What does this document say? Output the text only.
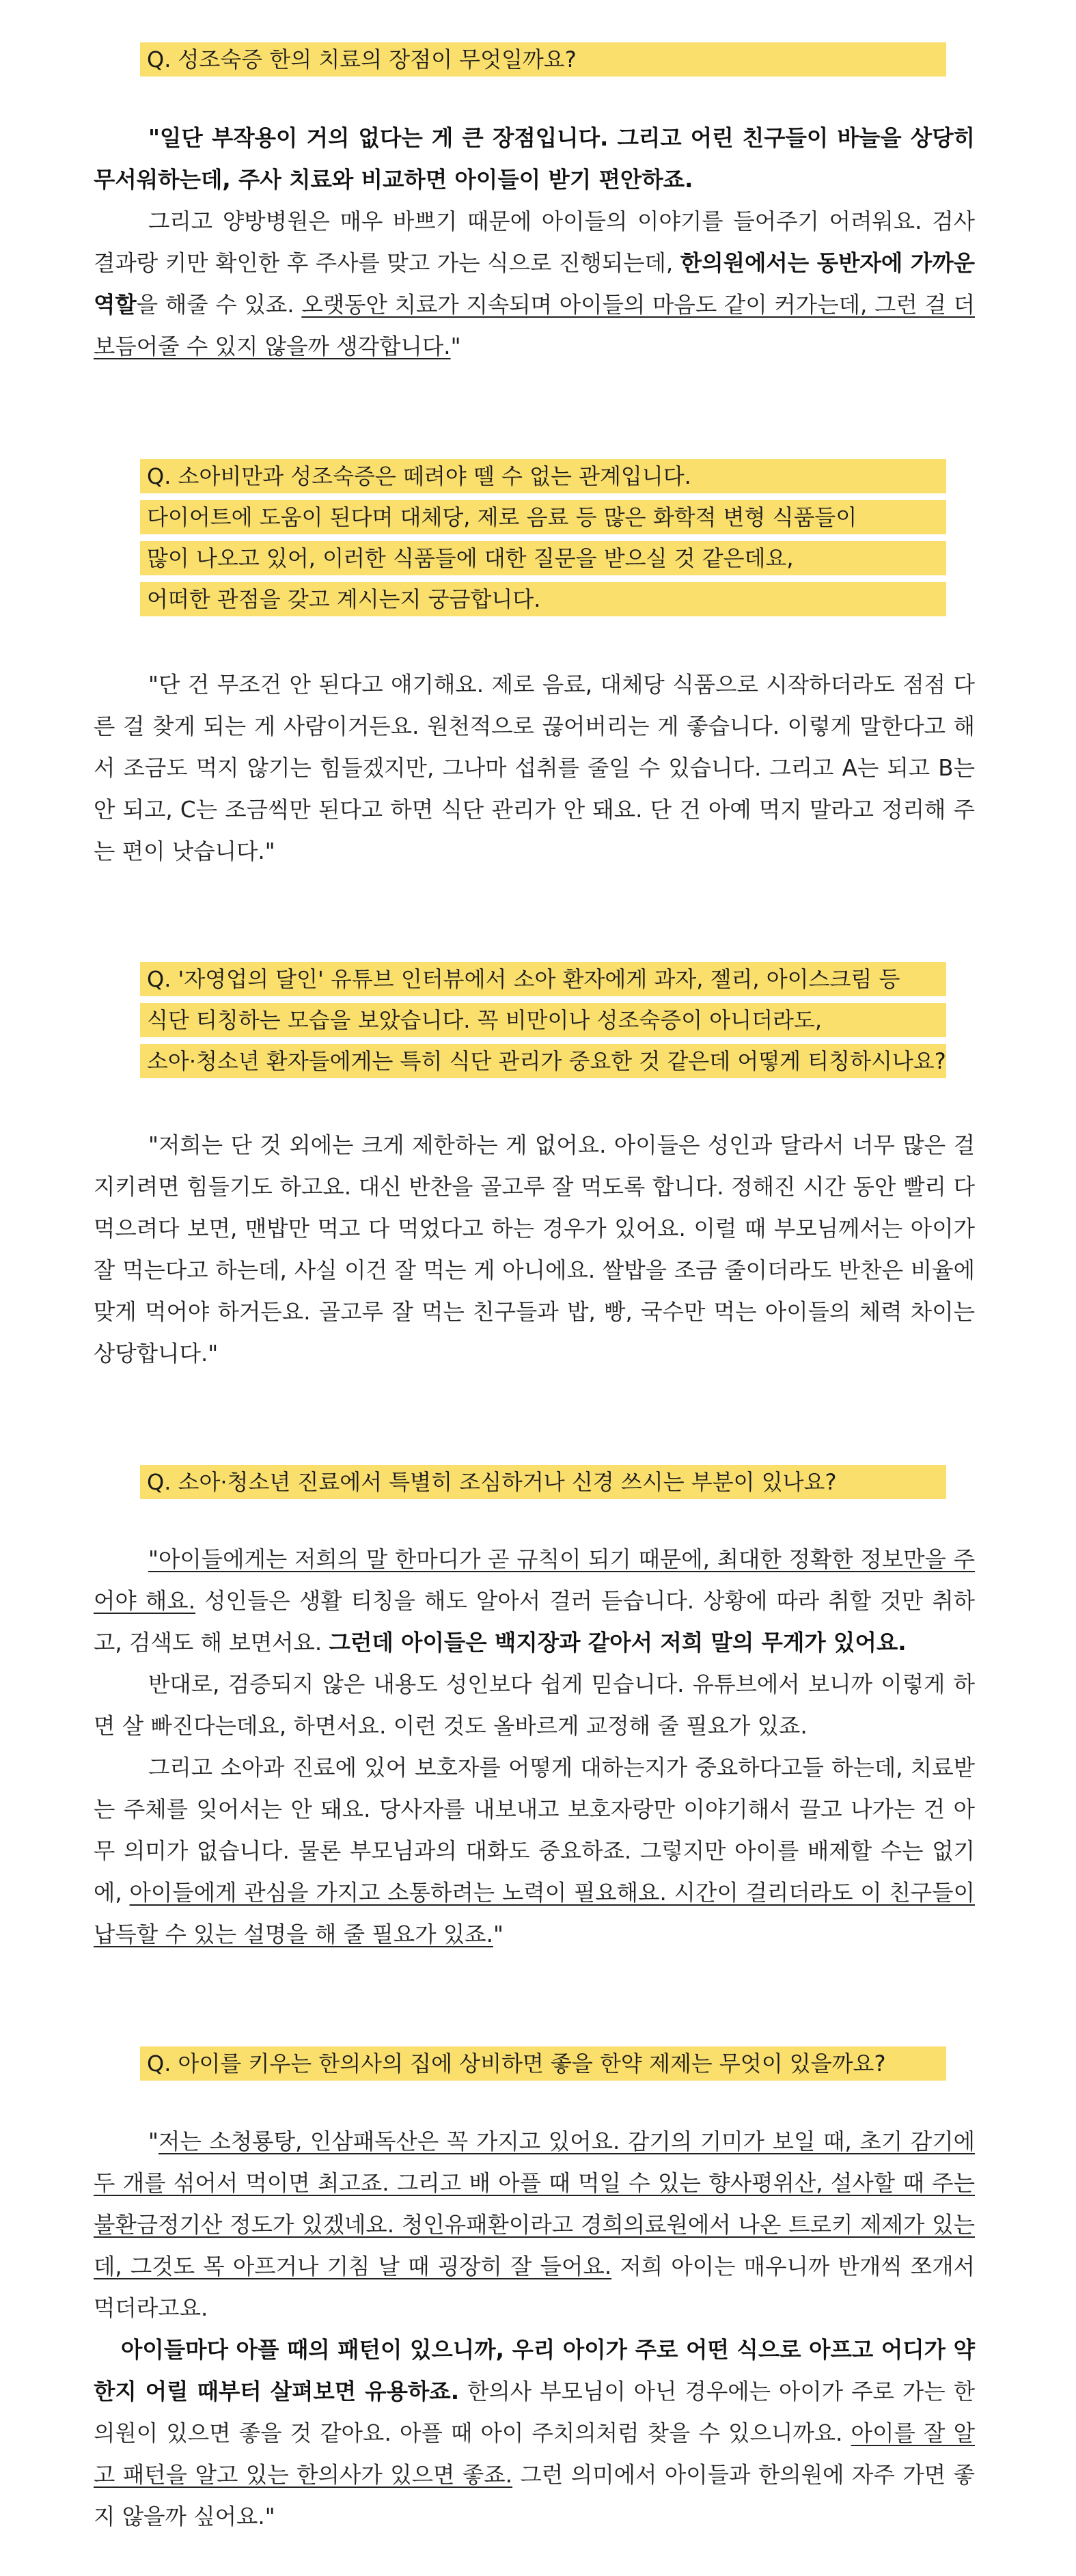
Q. 성조숙증 한의 치료의 장점이 무엇일까요?

"일단 부작용이 거의 없다는 게 큰 장점입니다. 그리고 어린 친구들이 바늘을 상당히 무서워하는데, 주사 치료와 비교하면 아이들이 받기 편안하죠.

그리고 양방병원은 매우 바쁘기 때문에 아이들의 이야기를 들어주기 어려워요. 검사 결과랑 키만 확인한 후 주사를 맞고 가는 식으로 진행되는데, 한의원에서는 동반자에 가까운 역할을 해줄 수 있죠. 오랫동안 치료가 지속되며 아이들의 마음도 같이 커가는데, 그런 걸 더 보듬어줄 수 있지 않을까 생각합니다."

Q. 소아비만과 성조숙증은 떼려야 뗄 수 없는 관계입니다.
다이어트에 도움이 된다며 대체당, 제로 음료 등 많은 화학적 변형 식품들이
많이 나오고 있어, 이러한 식품들에 대한 질문을 받으실 것 같은데요,
어떠한 관점을 갖고 계시는지 궁금합니다.

"단 건 무조건 안 된다고 얘기해요. 제로 음료, 대체당 식품으로 시작하더라도 점점 다른 걸 찾게 되는 게 사람이거든요. 원천적으로 끊어버리는 게 좋습니다. 이렇게 말한다고 해서 조금도 먹지 않기는 힘들겠지만, 그나마 섭취를 줄일 수 있습니다. 그리고 A는 되고 B는 안 되고, C는 조금씩만 된다고 하면 식단 관리가 안 돼요. 단 건 아예 먹지 말라고 정리해 주는 편이 낫습니다."

Q. '자영업의 달인' 유튜브 인터뷰에서 소아 환자에게 과자, 젤리, 아이스크림 등
식단 티칭하는 모습을 보았습니다. 꼭 비만이나 성조숙증이 아니더라도,
소아·청소년 환자들에게는 특히 식단 관리가 중요한 것 같은데 어떻게 티칭하시나요?

"저희는 단 것 외에는 크게 제한하는 게 없어요. 아이들은 성인과 달라서 너무 많은 걸 지키려면 힘들기도 하고요. 대신 반찬을 골고루 잘 먹도록 합니다. 정해진 시간 동안 빨리 다 먹으려다 보면, 맨밥만 먹고 다 먹었다고 하는 경우가 있어요. 이럴 때 부모님께서는 아이가 잘 먹는다고 하는데, 사실 이건 잘 먹는 게 아니에요. 쌀밥을 조금 줄이더라도 반찬은 비율에 맞게 먹어야 하거든요. 골고루 잘 먹는 친구들과 밥, 빵, 국수만 먹는 아이들의 체력 차이는 상당합니다."

Q. 소아·청소년 진료에서 특별히 조심하거나 신경 쓰시는 부분이 있나요?

"아이들에게는 저희의 말 한마디가 곧 규칙이 되기 때문에, 최대한 정확한 정보만을 주어야 해요. 성인들은 생활 티칭을 해도 알아서 걸러 듣습니다. 상황에 따라 취할 것만 취하고, 검색도 해 보면서요. 그런데 아이들은 백지장과 같아서 저희 말의 무게가 있어요.

반대로, 검증되지 않은 내용도 성인보다 쉽게 믿습니다. 유튜브에서 보니까 이렇게 하면 살 빠진다는데요, 하면서요. 이런 것도 올바르게 교정해 줄 필요가 있죠.

그리고 소아과 진료에 있어 보호자를 어떻게 대하는지가 중요하다고들 하는데, 치료받는 주체를 잊어서는 안 돼요. 당사자를 내보내고 보호자랑만 이야기해서 끌고 나가는 건 아무 의미가 없습니다. 물론 부모님과의 대화도 중요하죠. 그렇지만 아이를 배제할 수는 없기에, 아이들에게 관심을 가지고 소통하려는 노력이 필요해요. 시간이 걸리더라도 이 친구들이 납득할 수 있는 설명을 해 줄 필요가 있죠."

Q. 아이를 키우는 한의사의 집에 상비하면 좋을 한약 제제는 무엇이 있을까요?

"저는 소청룡탕, 인삼패독산은 꼭 가지고 있어요. 감기의 기미가 보일 때, 초기 감기에 두 개를 섞어서 먹이면 최고죠. 그리고 배 아플 때 먹일 수 있는 향사평위산, 설사할 때 주는 불환금정기산 정도가 있겠네요. 청인유패환이라고 경희의료원에서 나온 트로키 제제가 있는데, 그것도 목 아프거나 기침 날 때 굉장히 잘 들어요. 저희 아이는 매우니까 반개씩 쪼개서 먹더라고요.

아이들마다 아플 때의 패턴이 있으니까, 우리 아이가 주로 어떤 식으로 아프고 어디가 약한지 어릴 때부터 살펴보면 유용하죠. 한의사 부모님이 아닌 경우에는 아이가 주로 가는 한의원이 있으면 좋을 것 같아요. 아플 때 아이 주치의처럼 찾을 수 있으니까요. 아이를 잘 알고 패턴을 알고 있는 한의사가 있으면 좋죠. 그런 의미에서 아이들과 한의원에 자주 가면 좋지 않을까 싶어요."
